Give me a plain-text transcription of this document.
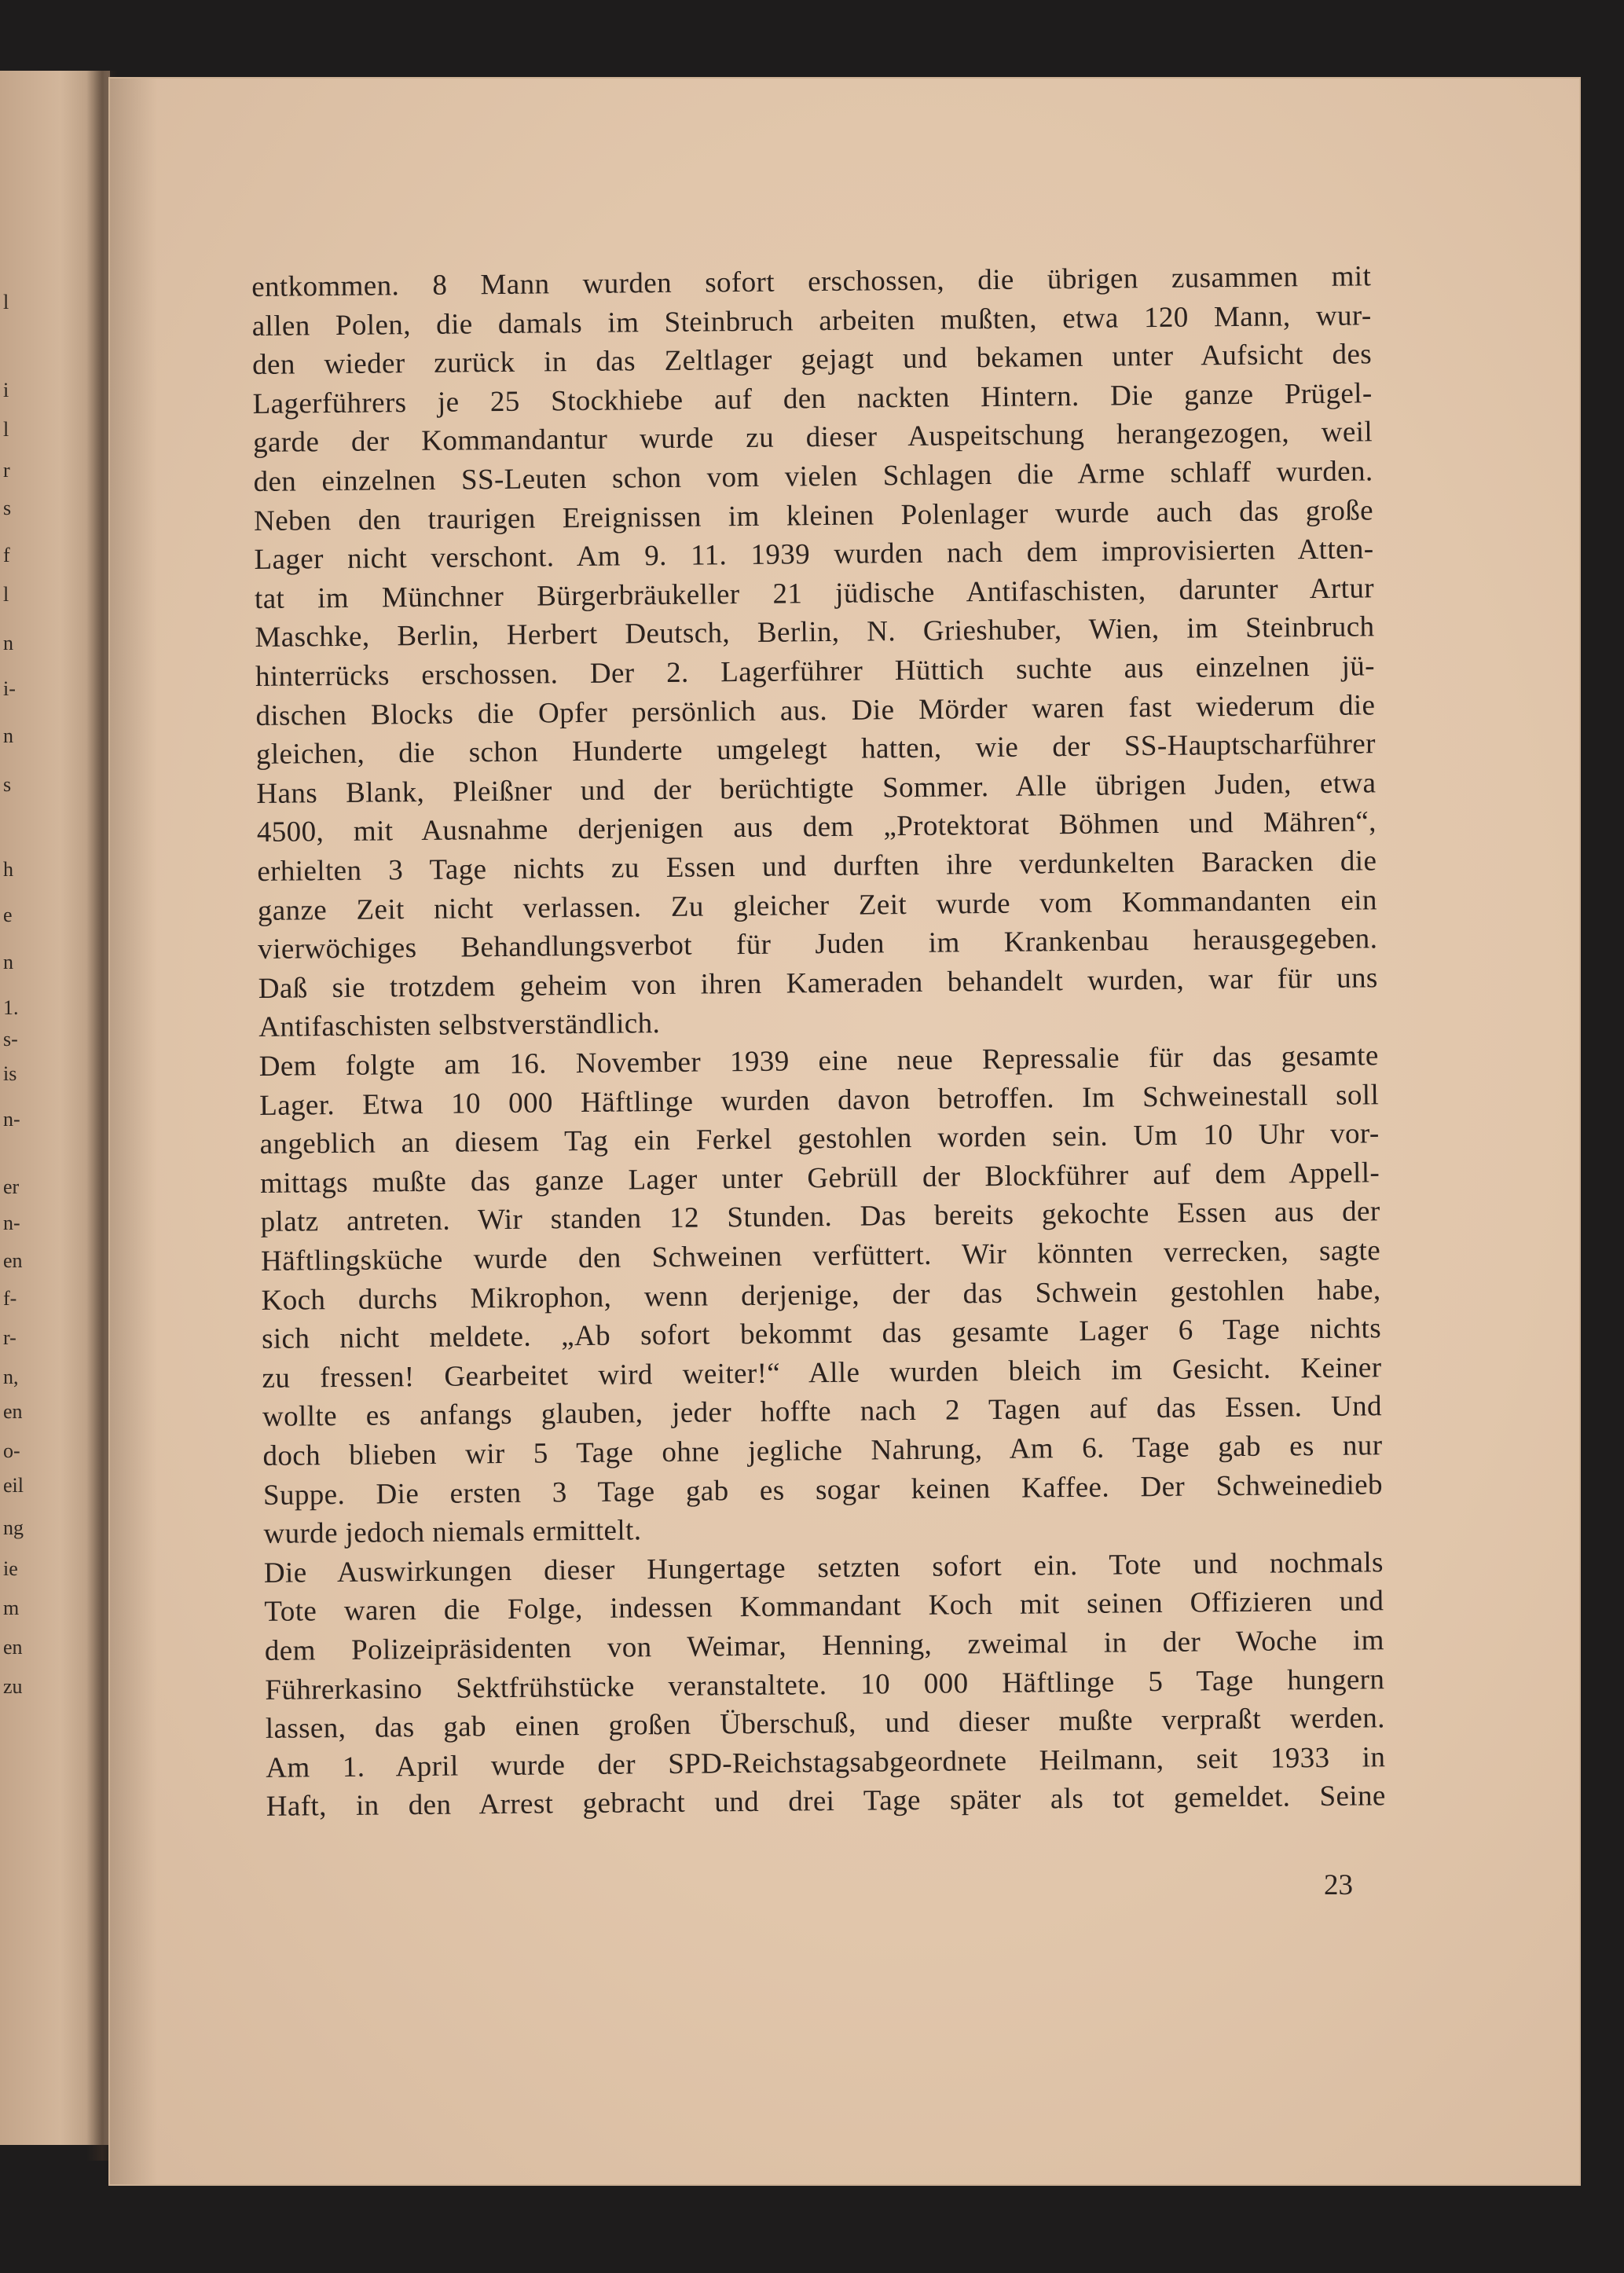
l
i
l
r
s
f
l
n
i-
n
s
h
e
n
1.
s-
is
n-
er
n-
en
f-
r-
n,
en
o-
eil
ng
ie
m
en
zu
entkommen. 8 Mann wurden sofort erschossen, die übrigen zusammen mit
allen Polen, die damals im Steinbruch arbeiten mußten, etwa 120 Mann, wur-
den wieder zurück in das Zeltlager gejagt und bekamen unter Aufsicht des
Lagerführers je 25 Stockhiebe auf den nackten Hintern. Die ganze Prügel-
garde der Kommandantur wurde zu dieser Auspeitschung herangezogen, weil
den einzelnen SS-Leuten schon vom vielen Schlagen die Arme schlaff wurden.
Neben den traurigen Ereignissen im kleinen Polenlager wurde auch das große
Lager nicht verschont. Am 9. 11. 1939 wurden nach dem improvisierten Atten-
tat im Münchner Bürgerbräukeller 21 jüdische Antifaschisten, darunter Artur
Maschke, Berlin, Herbert Deutsch, Berlin, N. Grieshuber, Wien, im Steinbruch
hinterrücks erschossen. Der 2. Lagerführer Hüttich suchte aus einzelnen jü-
dischen Blocks die Opfer persönlich aus. Die Mörder waren fast wiederum die
gleichen, die schon Hunderte umgelegt hatten, wie der SS-Hauptscharführer
Hans Blank, Pleißner und der berüchtigte Sommer. Alle übrigen Juden, etwa
4500, mit Ausnahme derjenigen aus dem „Protektorat Böhmen und Mähren“,
erhielten 3 Tage nichts zu Essen und durften ihre verdunkelten Baracken die
ganze Zeit nicht verlassen. Zu gleicher Zeit wurde vom Kommandanten ein
vierwöchiges Behandlungsverbot für Juden im Krankenbau herausgegeben.
Daß sie trotzdem geheim von ihren Kameraden behandelt wurden, war für uns
Antifaschisten selbstverständlich.
Dem folgte am 16. November 1939 eine neue Repressalie für das gesamte
Lager. Etwa 10 000 Häftlinge wurden davon betroffen. Im Schweinestall soll
angeblich an diesem Tag ein Ferkel gestohlen worden sein. Um 10 Uhr vor-
mittags mußte das ganze Lager unter Gebrüll der Blockführer auf dem Appell-
platz antreten. Wir standen 12 Stunden. Das bereits gekochte Essen aus der
Häftlingsküche wurde den Schweinen verfüttert. Wir könnten verrecken, sagte
Koch durchs Mikrophon, wenn derjenige, der das Schwein gestohlen habe,
sich nicht meldete. „Ab sofort bekommt das gesamte Lager 6 Tage nichts
zu fressen! Gearbeitet wird weiter!“ Alle wurden bleich im Gesicht. Keiner
wollte es anfangs glauben, jeder hoffte nach 2 Tagen auf das Essen. Und
doch blieben wir 5 Tage ohne jegliche Nahrung, Am 6. Tage gab es nur
Suppe. Die ersten 3 Tage gab es sogar keinen Kaffee. Der Schweinedieb
wurde jedoch niemals ermittelt.
Die Auswirkungen dieser Hungertage setzten sofort ein. Tote und nochmals
Tote waren die Folge, indessen Kommandant Koch mit seinen Offizieren und
dem Polizeipräsidenten von Weimar, Henning, zweimal in der Woche im
Führerkasino Sektfrühstücke veranstaltete. 10 000 Häftlinge 5 Tage hungern
lassen, das gab einen großen Überschuß, und dieser mußte verpraßt werden.
Am 1. April wurde der SPD-Reichstagsabgeordnete Heilmann, seit 1933 in
Haft, in den Arrest gebracht und drei Tage später als tot gemeldet. Seine
23
